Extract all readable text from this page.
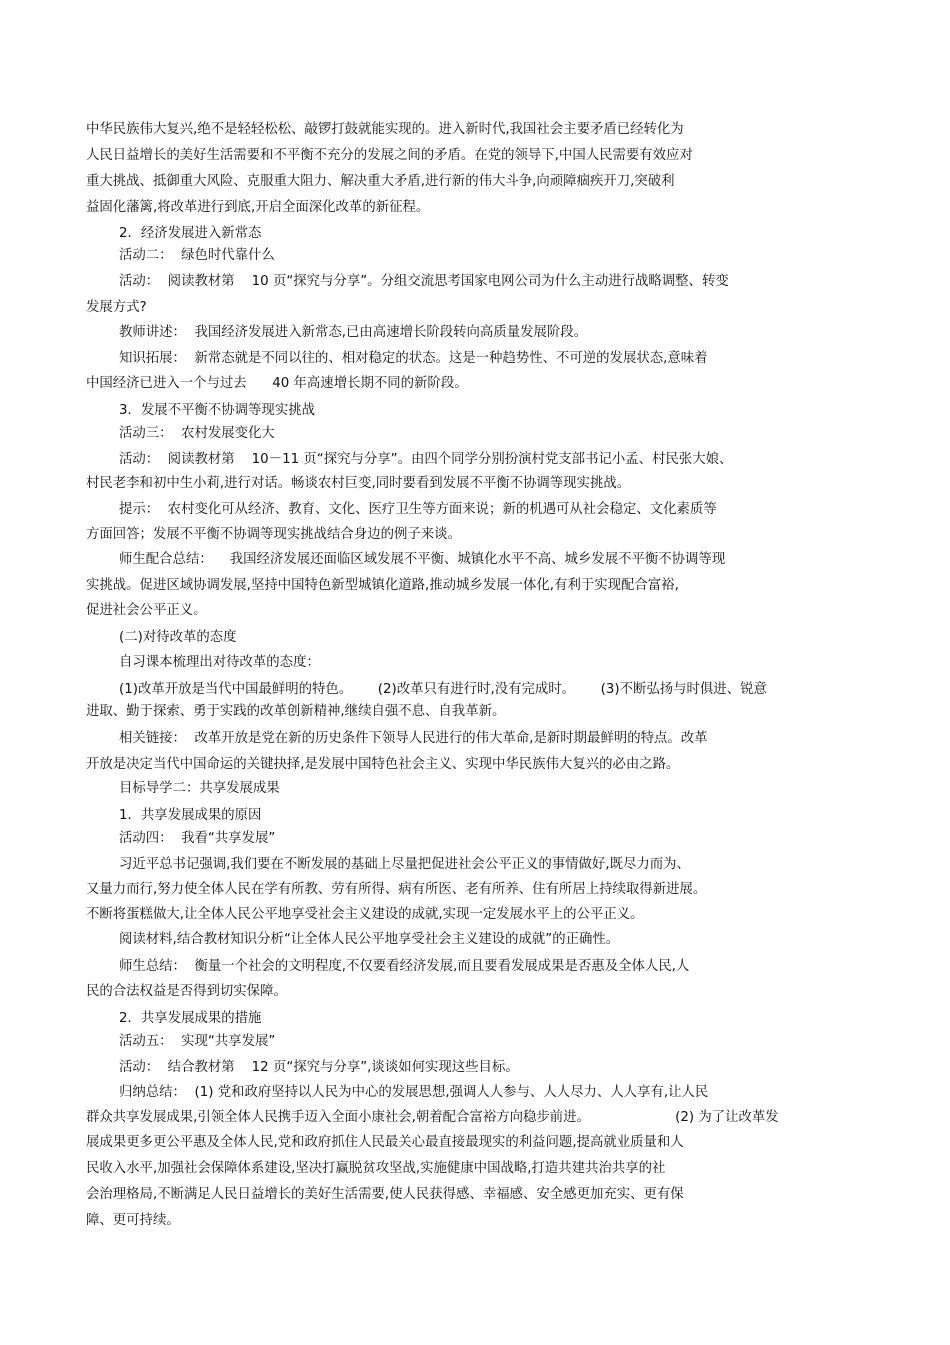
中华民族伟大复兴,绝不是轻轻松松、敲锣打鼓就能实现的。进入新时代,我国社会主要矛盾已经转化为

人民日益增长的美好生活需要和不平衡不充分的发展之间的矛盾。在党的领导下,中国人民需要有效应对

重大挑战、抵御重大风险、克服重大阻力、解决重大矛盾,进行新的伟大斗争,向顽障痼疾开刀,突破利

益固化藩篱,将改革进行到底,开启全面深化改革的新征程。

2．经济发展进入新常态

活动二：  绿色时代靠什么

活动：  阅读教材第    10 页“探究与分享”。分组交流思考国家电网公司为什么主动进行战略调整、转变

发展方式?

教师讲述：  我国经济发展进入新常态,已由高速增长阶段转向高质量发展阶段。

知识拓展：  新常态就是不同以往的、相对稳定的状态。这是一种趋势性、不可逆的发展状态,意味着

中国经济已进入一个与过去      40 年高速增长期不同的新阶段。

3．发展不平衡不协调等现实挑战

活动三：  农村发展变化大

活动：  阅读教材第    10－11 页“探究与分享”。由四个同学分别扮演村党支部书记小孟、村民张大娘、

村民老李和初中生小莉,进行对话。畅谈农村巨变,同时要看到发展不平衡不协调等现实挑战。

提示：  农村变化可从经济、教育、文化、医疗卫生等方面来说；新的机遇可从社会稳定、文化素质等

方面回答；发展不平衡不协调等现实挑战结合身边的例子来谈。

师生配合总结：    我国经济发展还面临区域发展不平衡、城镇化水平不高、城乡发展不平衡不协调等现

实挑战。促进区域协调发展,坚持中国特色新型城镇化道路,推动城乡发展一体化,有利于实现配合富裕,

促进社会公平正义。

(二)对待改革的态度

自习课本梳理出对待改革的态度：

(1)改革开放是当代中国最鲜明的特色。      (2)改革只有进行时,没有完成时。      (3)不断弘扬与时俱进、锐意

进取、勤于探索、勇于实践的改革创新精神,继续自强不息、自我革新。

相关链接：  改革开放是党在新的历史条件下领导人民进行的伟大革命,是新时期最鲜明的特点。改革

开放是决定当代中国命运的关键抉择,是发展中国特色社会主义、实现中华民族伟大复兴的必由之路。

目标导学二：共享发展成果

1．共享发展成果的原因

活动四：  我看“共享发展”

习近平总书记强调,我们要在不断发展的基础上尽量把促进社会公平正义的事情做好,既尽力而为、

又量力而行,努力使全体人民在学有所教、劳有所得、病有所医、老有所养、住有所居上持续取得新进展。

不断将蛋糕做大,让全体人民公平地享受社会主义建设的成就,实现一定发展水平上的公平正义。

阅读材料,结合教材知识分析“让全体人民公平地享受社会主义建设的成就”的正确性。

师生总结：  衡量一个社会的文明程度,不仅要看经济发展,而且要看发展成果是否惠及全体人民,人

民的合法权益是否得到切实保障。

2．共享发展成果的措施

活动五：  实现“共享发展”

活动：  结合教材第    12 页“探究与分享”,谈谈如何实现这些目标。

归纳总结：  (1) 党和政府坚持以人民为中心的发展思想,强调人人参与、人人尽力、人人享有,让人民

群众共享发展成果,引领全体人民携手迈入全面小康社会,朝着配合富裕方向稳步前进。                    (2) 为了让改革发

展成果更多更公平惠及全体人民,党和政府抓住人民最关心最直接最现实的利益问题,提高就业质量和人

民收入水平,加强社会保障体系建设,坚决打赢脱贫攻坚战,实施健康中国战略,打造共建共治共享的社

会治理格局,不断满足人民日益增长的美好生活需要,使人民获得感、幸福感、安全感更加充实、更有保

障、更可持续。
